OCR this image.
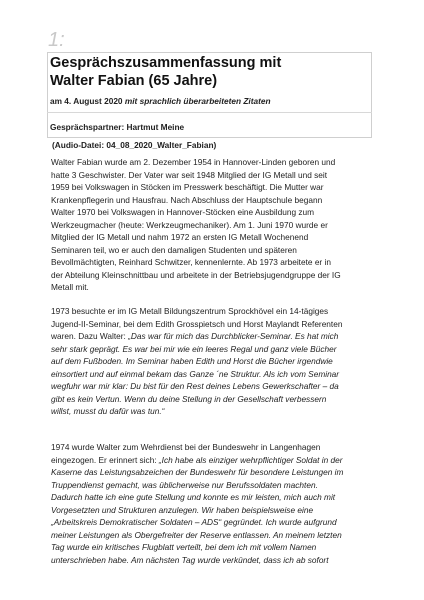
1:
Gesprächszusammenfassung mit
Walter Fabian (65 Jahre)
am 4. August 2020 mit sprachlich überarbeiteten Zitaten
Gesprächspartner: Hartmut Meine
(Audio-Datei: 04_08_2020_Walter_Fabian)
Walter Fabian wurde am 2. Dezember 1954 in Hannover-Linden geboren und
hatte 3 Geschwister. Der Vater war seit 1948 Mitglied der IG Metall und seit
1959 bei Volkswagen in Stöcken im Presswerk beschäftigt. Die Mutter war
Krankenpflegerin und Hausfrau. Nach Abschluss der Hauptschule begann
Walter 1970 bei Volkswagen in Hannover-Stöcken eine Ausbildung zum
Werkzeugmacher (heute: Werkzeugmechaniker). Am 1. Juni 1970 wurde er
Mitglied der IG Metall und nahm 1972 an ersten IG Metall Wochenend
Seminaren teil, wo er auch den damaligen Studenten und späteren
Bevollmächtigten, Reinhard Schwitzer, kennenlernte. Ab 1973 arbeitete er in
der Abteilung Kleinschnittbau und arbeitete in der Betriebsjugendgruppe der IG
Metall mit.
1973 besuchte er im IG Metall Bildungszentrum Sprockhövel ein 14-tägiges
Jugend-II-Seminar, bei dem Edith Grosspietsch und Horst Maylandt Referenten
waren. Dazu Walter: „Das war für mich das Durchblicker-Seminar. Es hat mich
sehr stark geprägt. Es war bei mir wie ein leeres Regal und ganz viele Bücher
auf dem Fußboden. Im Seminar haben Edith und Horst die Bücher irgendwie
einsortiert und auf einmal bekam das Ganze ´ne Struktur. Als ich vom Seminar
wegfuhr war mir klar: Du bist für den Rest deines Lebens Gewerkschafter – da
gibt es kein Vertun. Wenn du deine Stellung in der Gesellschaft verbessern
willst, musst du dafür was tun.“
1974 wurde Walter zum Wehrdienst bei der Bundeswehr in Langenhagen
eingezogen. Er erinnert sich: „Ich habe als einziger wehrpflichtiger Soldat in der
Kaserne das Leistungsabzeichen der Bundeswehr für besondere Leistungen im
Truppendienst gemacht, was üblicherweise nur Berufssoldaten machten.
Dadurch hatte ich eine gute Stellung und konnte es mir leisten, mich auch mit
Vorgesetzten und Strukturen anzulegen. Wir haben beispielsweise eine
„Arbeitskreis Demokratischer Soldaten – ADS“ gegründet. Ich wurde aufgrund
meiner Leistungen als Obergefreiter der Reserve entlassen. An meinem letzten
Tag wurde ein kritisches Flugblatt verteilt, bei dem ich mit vollem Namen
unterschrieben habe. Am nächsten Tag wurde verkündet, dass ich ab sofort
